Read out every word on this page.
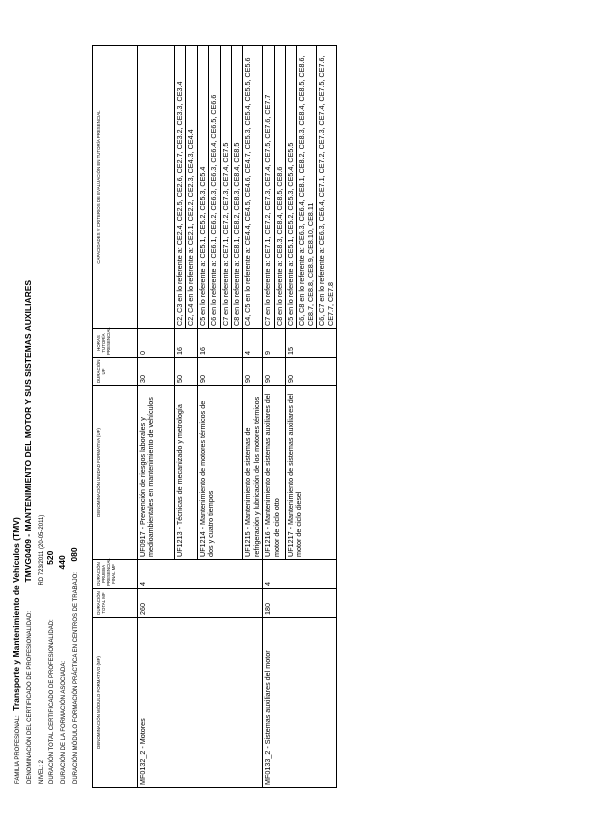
FAMILIA PROFESIONAL: Transporte y Mantenimiento de Vehículos (TMV)	DENOMINACIÓN DEL CERTIFICADO DE PROFESIONALIDAD: TMVG0409 - MANTENIMIENTO DEL MOTOR Y SUS SISTEMAS AUXILIARES
NIVEL: 2 RD 723/2011 (20-05-2011)
DURACIÓN TOTAL CERTIFICADO DE PROFESIONALIDAD: 520
DURACIÓN DE LA FORMACIÓN ASOCIADA: 440
DURACIÓN MÓDULO FORMACIÓN PRÁCTICA EN CENTROS DE TRABAJO: 080
DENOMINACIÓN MÓDULO FORMATIVO (MF)	DURACIÓN TOTAL MF	DURACIÓN PRUEBA PRESENCIAL FINAL MF	DENOMINACIÓN UNIDAD FORMATIVA (UF)	DURACIÓN UF	HORAS TUTORÍA PRESENCIAL	CAPACIDADES Y CRITERIOS DE EVALUACIÓN EN TUTORÍA PRESENCIAL
MF0132_2 - Motores	260	4	UF0917 - Prevención de riesgos laborales y medioambientales en mantenimiento de vehículos	30	0	
			UF1213 - Técnicas de mecanizado y metrología	50	16	C2, C3 en lo referente a: CE2.4, CE2.5, CE2.6, CE2.7, CE3.2, CE3.3, CE3.4
						C2, C4 en lo referente a: CE2.1, CE2.2, CE2.3, CE4.3, CE4.4
			UF1214 - Mantenimiento de motores térmicos de dos y cuatro tiempos	90	16	C5 en lo referente a: CE5.1, CE5.2, CE5.3, CE5.4
						C6 en lo referente a: CE6.1, CE6.2, CE6.3, CE6.3, CE6.4, CE6.5, CE6.6
						C7 en lo referente a: CE7.1, CE7.2, CE7.3, CE7.4, CE7.5
						C8 en lo referente a: CE8.1, CE8.2, CE8.3, CE8.4, CE8.5
			UF1215 - Mantenimiento de sistemas de refrigeración y lubricación de los motores térmicos	90	4	C4, C5 en lo referente a: CE4.4, CE4.5, CE4.6, CE4.7, CE5.3, CE5.4, CE5.5, CE5.6

MF0133_2 - Sistemas auxiliares del motor	180	4	UF1216 - Mantenimiento de sistemas auxiliares del motor de ciclo otto	90	9	C7 en lo referente a: CE7.1, CE7.2, CE7.3, CE7.4, CE7.5, CE7.6, CE7.7
						C8 en lo referente a: CE8.3, CE8.4, CE8.5, CE8.6
			UF1217 - Mantenimiento de sistemas auxiliares del motor de ciclo diesel	90	15	C5 en lo referente a: CE5.1, CE5.2, CE5.3, CE5.4, CE5.5
						C6, C8 en lo referente a: CE6.3, CE6.4, CE8.1, CE8.2, CE8.3, CE8.4, CE8.5, CE8.6, CE8.7, CE8.8, CE8.9, CE8.10, CE8.11
						C6, C7 en lo referente a: CE6.3, CE6.4, CE7.1, CE7.2, CE7.3, CE7.4, CE7.5, CE7.6, CE7.7, CE7.8
